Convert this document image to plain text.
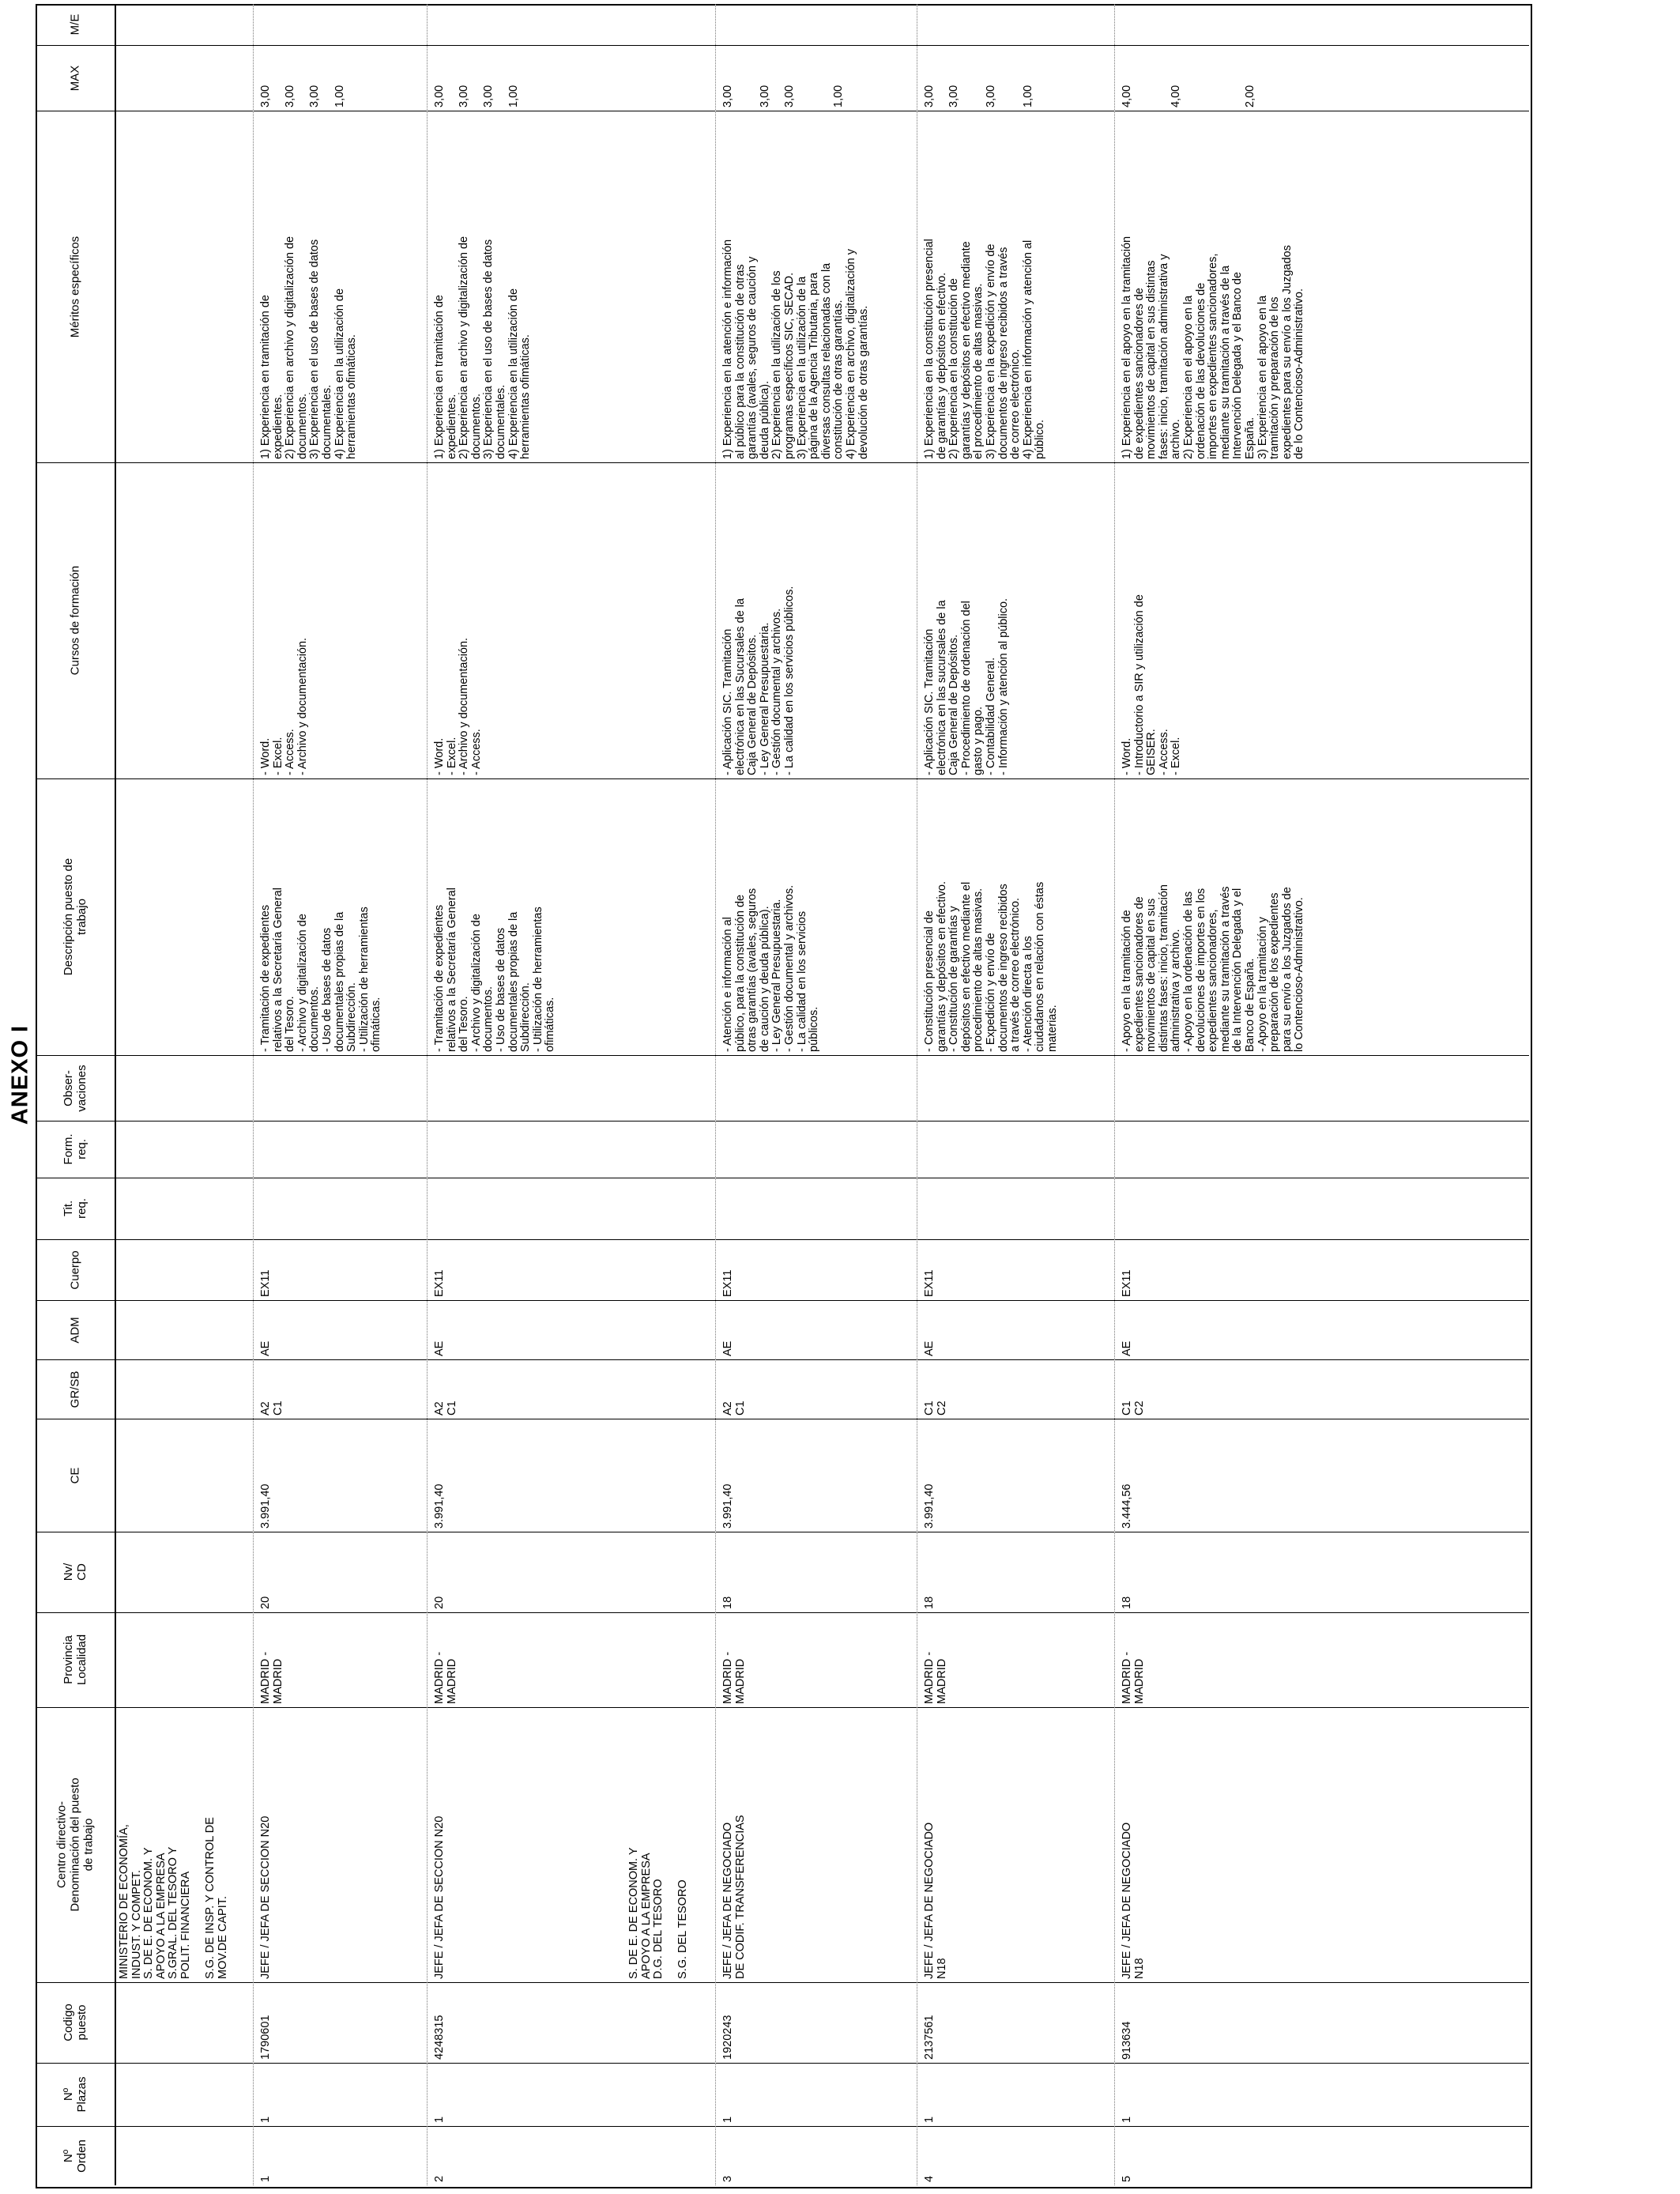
ANEXO I
M/E
MAX
Méritos específicos
Cursos de formación
Descripción puesto de
trabajo
Obser-
vaciones
Form.
req.
Tit.
req.
Cuerpo
ADM
GR/SB
CE
Nv/
CD
Provincia
Localidad
Centro directivo-
Denominación del puesto
de trabajo
Codigo
puesto
Nº
Plazas
Nº
Orden
MINISTERIO DE ECONOMÍA,
INDUST. Y COMPET.
S. DE E. DE ECONOM. Y
APOYO A LA EMPRESA
S.GRAL. DEL TESORO Y
POLIT. FINANCIERA

S.G. DE INSP. Y CONTROL DE
MOV.DE CAPIT.
S. DE E. DE ECONOM. Y
APOYO A LA EMPRESA
D.G. DEL TESORO

S.G. DEL TESORO
1
1
1790601
JEFE / JEFA DE SECCION N20
MADRID -
MADRID
20
3.991,40
A2
C1
AE
EX11
- Tramitación de expedientes
relativos a la Secretaría General
del Tesoro.
- Archivo y digitalización de
documentos.
- Uso de bases de datos
documentales propias de la
Subdirección.
- Utilización de herramientas
ofimáticas.
- Word.
- Excel.
- Access.
- Archivo y documentación.
1) Experiencia en tramitación de
expedientes.
2) Experiencia en archivo y digitalización de
documentos.
3) Experiencia en el uso de bases de datos
documentales.
4) Experiencia en la utilización de
herramientas ofimáticas.
3,00

3,00

3,00

1,00
2
1
4248315
JEFE / JEFA DE SECCION N20
MADRID -
MADRID
20
3.991,40
A2
C1
AE
EX11
- Tramitación de expedientes
relativos a la Secretaría General
del Tesoro.
- Archivo y digitalización de
documentos.
- Uso de bases de datos
documentales propias de la
Subdirección.
- Utilización de herramientas
ofimáticas.
- Word.
- Excel.
- Archivo y documentación.
- Access.
1) Experiencia en tramitación de
expedientes.
2) Experiencia en archivo y digitalización de
documentos.
3) Experiencia en el uso de bases de datos
documentales.
4) Experiencia en la utilización de
herramientas ofimáticas.
3,00

3,00

3,00

1,00
3
1
1920243
JEFE / JEFA DE NEGOCIADO
DE CODIF. TRANSFERENCIAS
MADRID -
MADRID
18
3.991,40
A2
C1
AE
EX11
- Atención e información al
público, para la constitución de
otras garantías (avales, seguros
de caución y deuda pública).
- Ley General Presupuestaria.
- Gestión documental y archivos.
- La calidad en los servicios
públicos.
- Aplicación SIC. Tramitación
electrónica en las Sucursales de la
Caja General de Depósitos.
- Ley General Presupuestaria.
- Gestión documental y archivos.
- La calidad en los servicios públicos.
1) Experiencia en la atención e información
al público para la constitución de otras
garantías (avales, seguros de caución y
deuda pública).
2) Experiencia en la utilización de los
programas específicos SIC, SECAD.
3) Experiencia en la utilización de la
página de la Agencia Tributaria, para
diversas consultas relacionadas con la
constitución de otras garantías.
4) Experiencia en archivo, digitalización y
devolución de otras garantías.
3,00

3,00

3,00

1,00
4
1
2137561
JEFE / JEFA DE NEGOCIADO
N18
MADRID -
MADRID
18
3.991,40
C1
C2
AE
EX11
- Constitución presencial de
garantías y depósitos en efectivo.
- Constitución de garantías y
depósitos en efectivo mediante el
procedimiento de altas masivas.
- Expedición y envío de
documentos de ingreso recibidos
a través de correo electrónico.
- Atención directa a los
ciudadanos en relación con éstas
materias.
- Aplicación SIC. Tramitación
electrónica en las sucursales de la
Caja General de Depósitos.
- Procedimiento de ordenación del
gasto y pago.
- Contabilidad General.
- Información y atención al público.
1) Experiencia en la constitución presencial
de garantías y depósitos en efectivo.
2) Experiencia en la constitución de
garantías y depósitos en efectivo mediante
el procedimiento de altas masivas.
3) Experiencia en la expedición y envío de
documentos de ingreso recibidos a través
de correo electrónico.
4) Experiencia en información y atención al
público.
3,00

3,00

3,00

1,00
5
1
913634
JEFE / JEFA DE NEGOCIADO
N18
MADRID -
MADRID
18
3.444,56
C1
C2
AE
EX11
- Apoyo en la tramitación de
expedientes sancionadores de
movimientos de capital en sus
distintas fases: inicio, tramitación
administrativa y archivo.
- Apoyo en la ordenación de las
devoluciones de importes en los
expedientes sancionadores,
mediante su tramitación a través
de la Intervención Delegada y el
Banco de España.
- Apoyo en la tramitación y
preparación de los expedientes
para su envío a los Juzgados de
lo Contencioso-Administrativo.
- Word.
- Introductorio a SIR y utilización de
GEISER.
- Access.
- Excel.
1) Experiencia en el apoyo en la tramitación
de expedientes sancionadores de
movimientos de capital en sus distintas
fases: inicio, tramitación administrativa y
archivo.
2) Experiencia en el apoyo en la
ordenación de las devoluciones de
importes en expedientes sancionadores,
mediante su tramitación a través de la
Intervención Delegada y el Banco de
España.
3) Experiencia en el apoyo en la
tramitación y preparación de los
expedientes para su envío a los Juzgados
de lo Contencioso-Administrativo.
4,00

4,00

2,00
